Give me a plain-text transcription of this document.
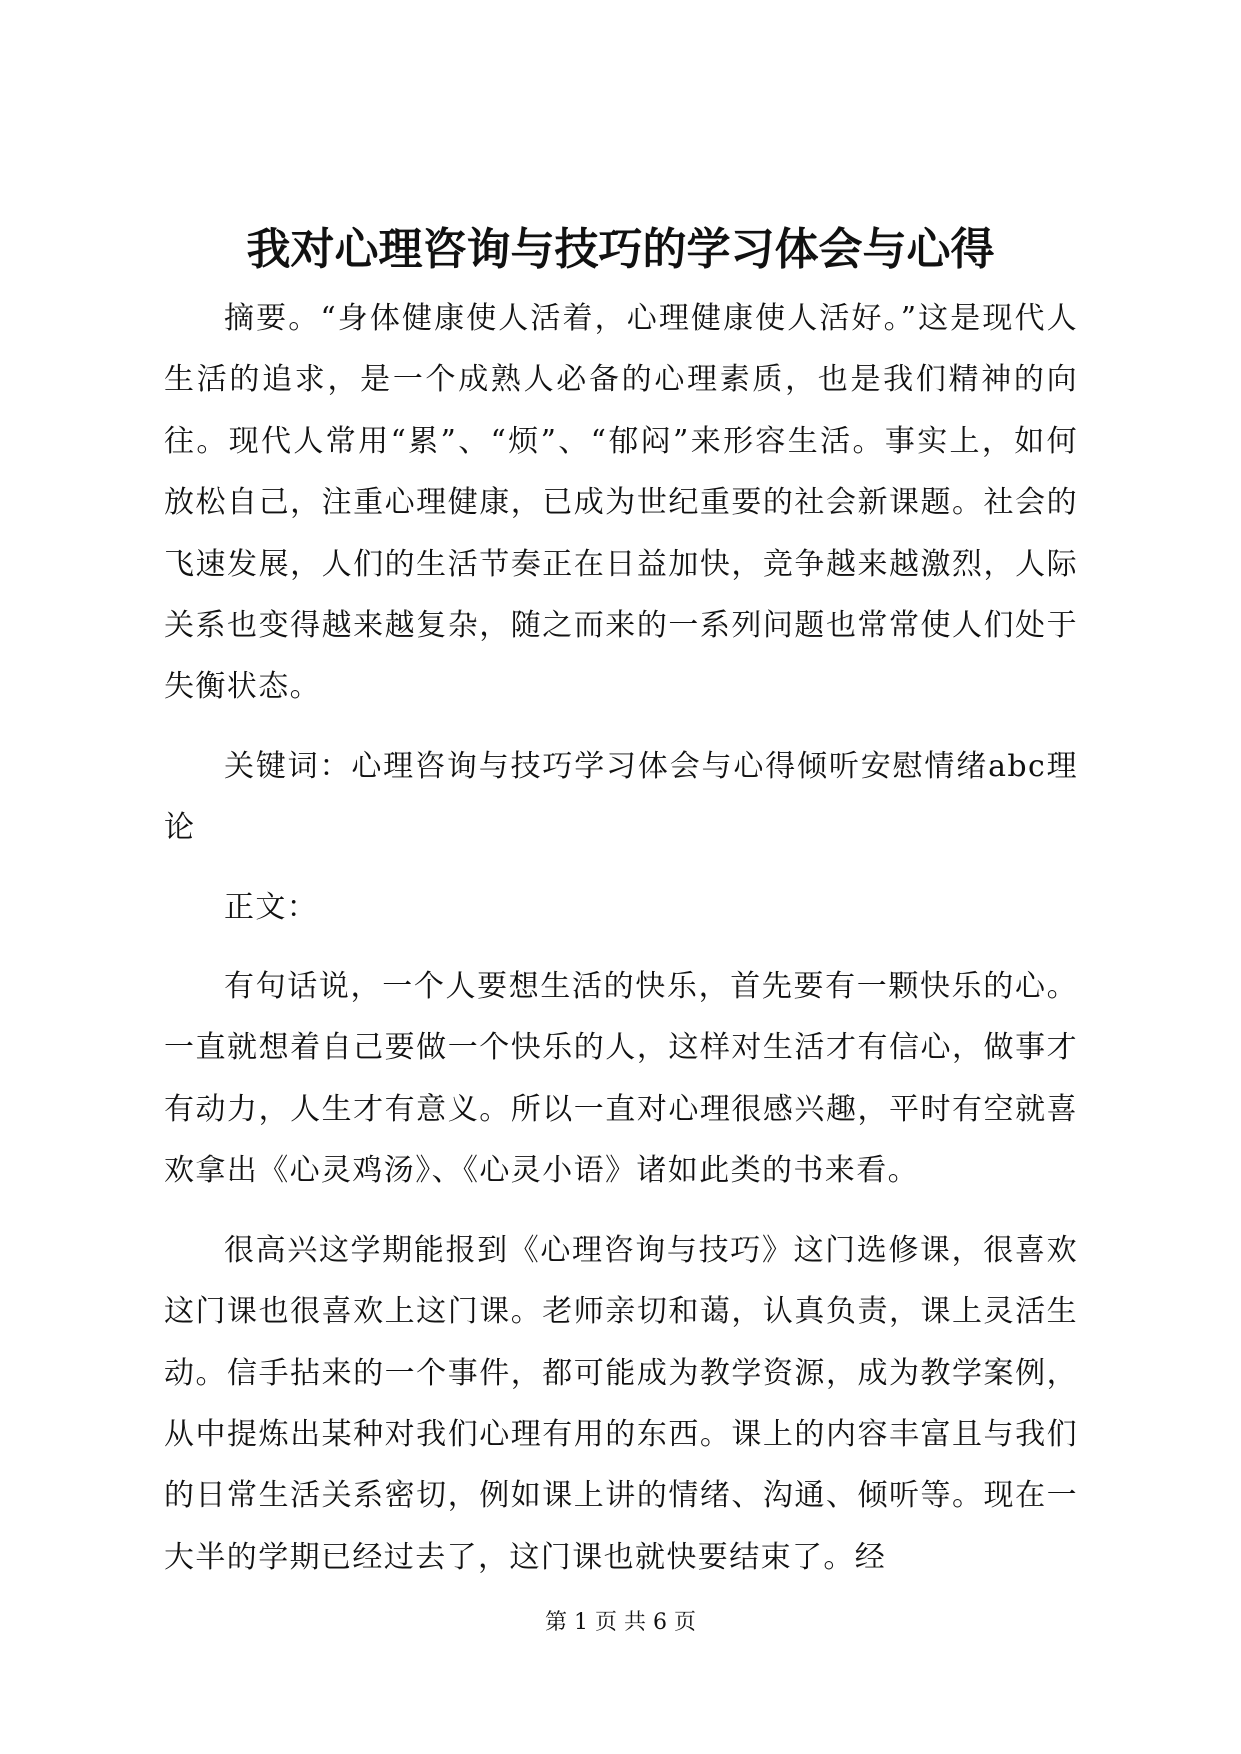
我对心理咨询与技巧的学习体会与心得

摘要。“身体健康使人活着，心理健康使人活好。”这是现代人生活的追求，是一个成熟人必备的心理素质，也是我们精神的向往。现代人常用“累”、“烦”、“郁闷”来形容生活。事实上，如何放松自己，注重心理健康，已成为世纪重要的社会新课题。社会的飞速发展，人们的生活节奏正在日益加快，竞争越来越激烈，人际关系也变得越来越复杂，随之而来的一系列问题也常常使人们处于失衡状态。

关键词：心理咨询与技巧学习体会与心得倾听安慰情绪abc理论

正文：

有句话说，一个人要想生活的快乐，首先要有一颗快乐的心。一直就想着自己要做一个快乐的人，这样对生活才有信心，做事才有动力，人生才有意义。所以一直对心理很感兴趣，平时有空就喜欢拿出《心灵鸡汤》、《心灵小语》诸如此类的书来看。

很高兴这学期能报到《心理咨询与技巧》这门选修课，很喜欢这门课也很喜欢上这门课。老师亲切和蔼，认真负责，课上灵活生动。信手拈来的一个事件，都可能成为教学资源，成为教学案例，从中提炼出某种对我们心理有用的东西。课上的内容丰富且与我们的日常生活关系密切，例如课上讲的情绪、沟通、倾听等。现在一大半的学期已经过去了，这门课也就快要结束了。经

第 1 页 共 6 页
